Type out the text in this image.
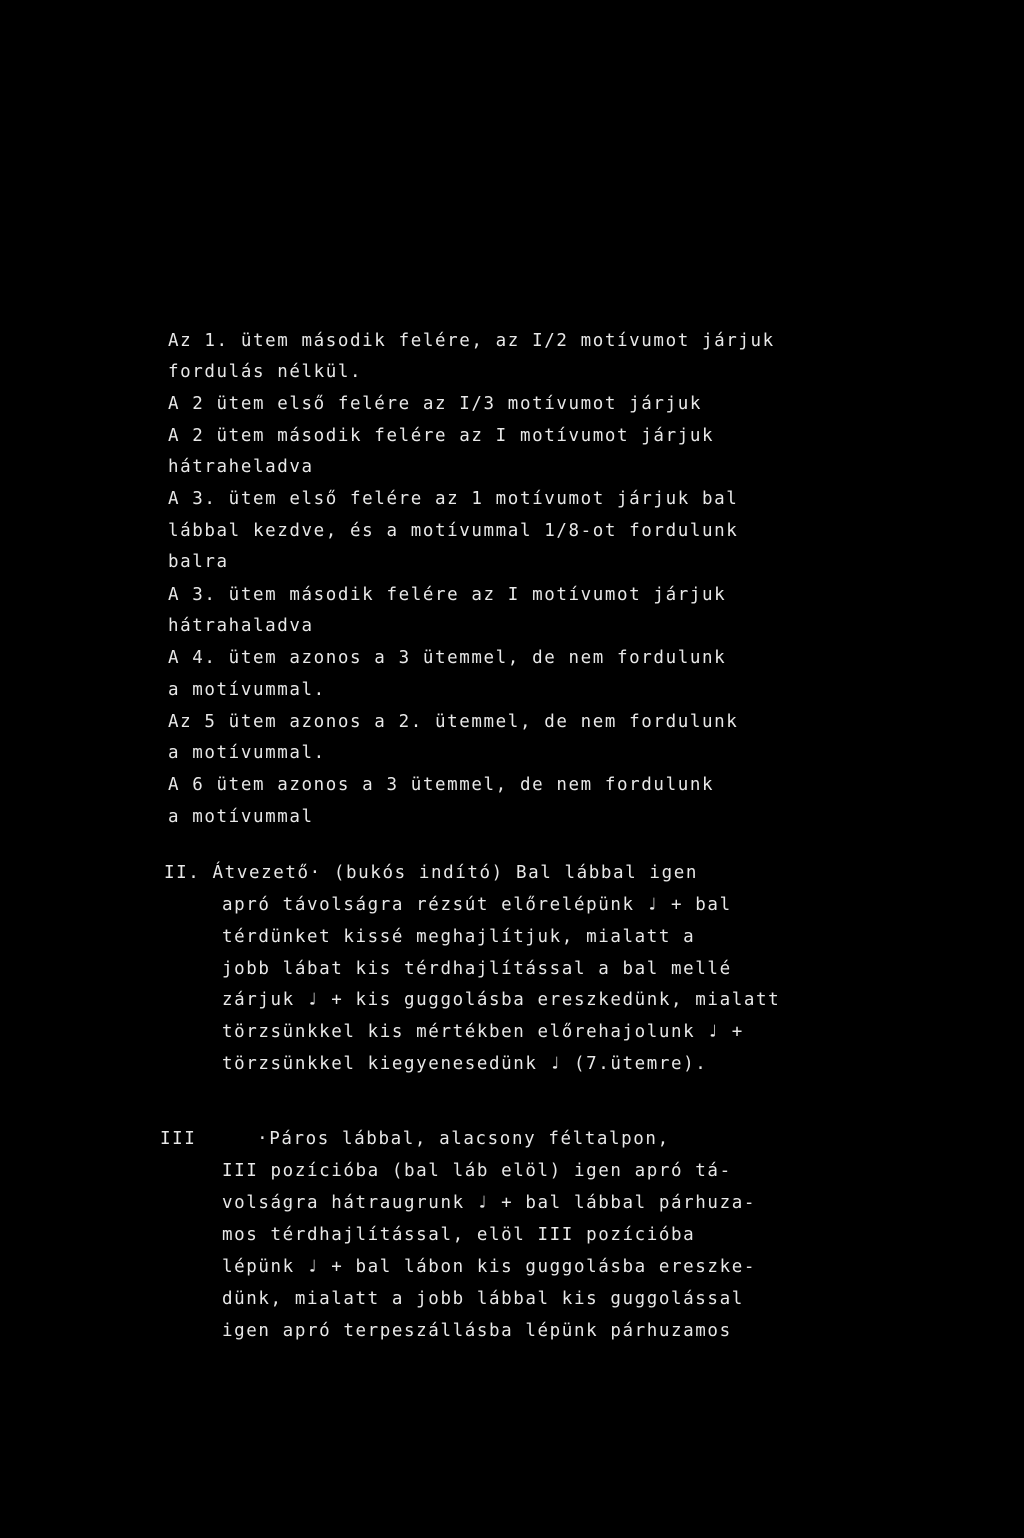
Az 1. ütem második felére, az I/2 motívumot járjuk
fordulás nélkül.
A 2 ütem első felére az I/3 motívumot járjuk
A 2 ütem második felére az I motívumot járjuk
hátraheladva
A 3. ütem első felére az 1 motívumot járjuk bal
lábbal kezdve, és a motívummal 1/8-ot fordulunk
balra
A 3. ütem második felére az I motívumot járjuk
hátrahaladva
A 4. ütem azonos a 3 ütemmel, de nem fordulunk
a motívummal.
Az 5 ütem azonos a 2. ütemmel, de nem fordulunk
a motívummal.
A 6 ütem azonos a 3 ütemmel, de nem fordulunk
a motívummal
II. Átvezető· (bukós indító) Bal lábbal igen
apró távolságra rézsút előrelépünk ♩ + bal
térdünket kissé meghajlítjuk, mialatt a
jobb lábat kis térdhajlítással a bal mellé
zárjuk ♩ + kis guggolásba ereszkedünk, mialatt
törzsünkkel kis mértékben előrehajolunk ♩ +
törzsünkkel kiegyenesedünk ♩ (7.ütemre).
III     ·Páros lábbal, alacsony féltalpon,
III pozícióba (bal láb elöl) igen apró tá-
volságra hátraugrunk ♩ + bal lábbal párhuza-
mos térdhajlítással, elöl III pozícióba
lépünk ♩ + bal lábon kis guggolásba ereszke-
dünk, mialatt a jobb lábbal kis guggolással
igen apró terpeszállásba lépünk párhuzamos
